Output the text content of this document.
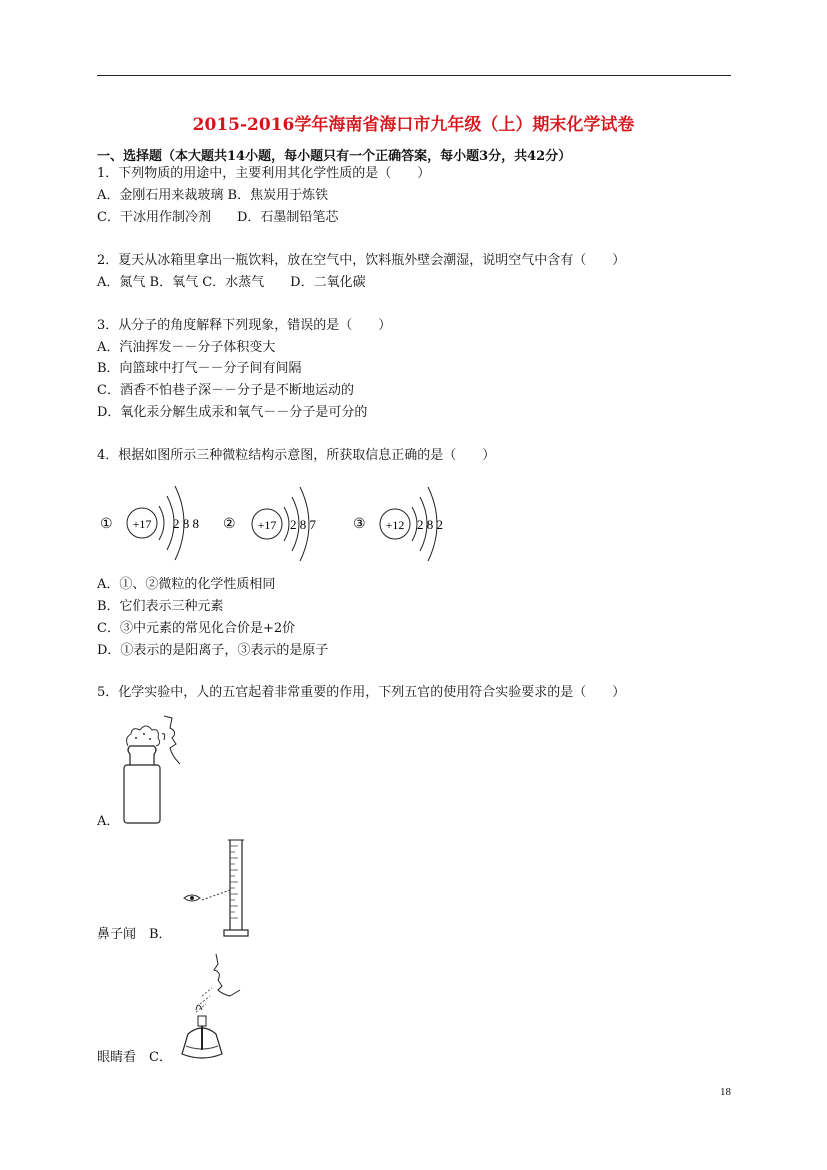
2015-2016学年海南省海口市九年级（上）期末化学试卷
一、选择题（本大题共14小题，每小题只有一个正确答案，每小题3分，共42分）
1．下列物质的用途中，主要利用其化学性质的是（　　）
A．金刚石用来裁玻璃 B．焦炭用于炼铁
C．干冰用作制冷剂　　D．石墨制铅笔芯
2．夏天从冰箱里拿出一瓶饮料，放在空气中，饮料瓶外壁会潮湿，说明空气中含有（　　）
A．氮气 B．氧气 C．水蒸气　　D．二氧化碳
3．从分子的角度解释下列现象，错误的是（　　）
A．汽油挥发－－分子体积变大
B．向篮球中打气－－分子间有间隔
C．酒香不怕巷子深－－分子是不断地运动的
D．氧化汞分解生成汞和氧气－－分子是可分的
4．根据如图所示三种微粒结构示意图，所获取信息正确的是（　　）
① +17 2 8 8 ② +17 2 8 7	③ +12 2 8 2
A．①、②微粒的化学性质相同
B．它们表示三种元素
C．③中元素的常见化合价是+2价
D．①表示的是阳离子，③表示的是原子
5．化学实验中，人的五官起着非常重要的作用，下列五官的使用符合实验要求的是（　　）
A．
鼻子闻　B．
眼睛看　C．
18
